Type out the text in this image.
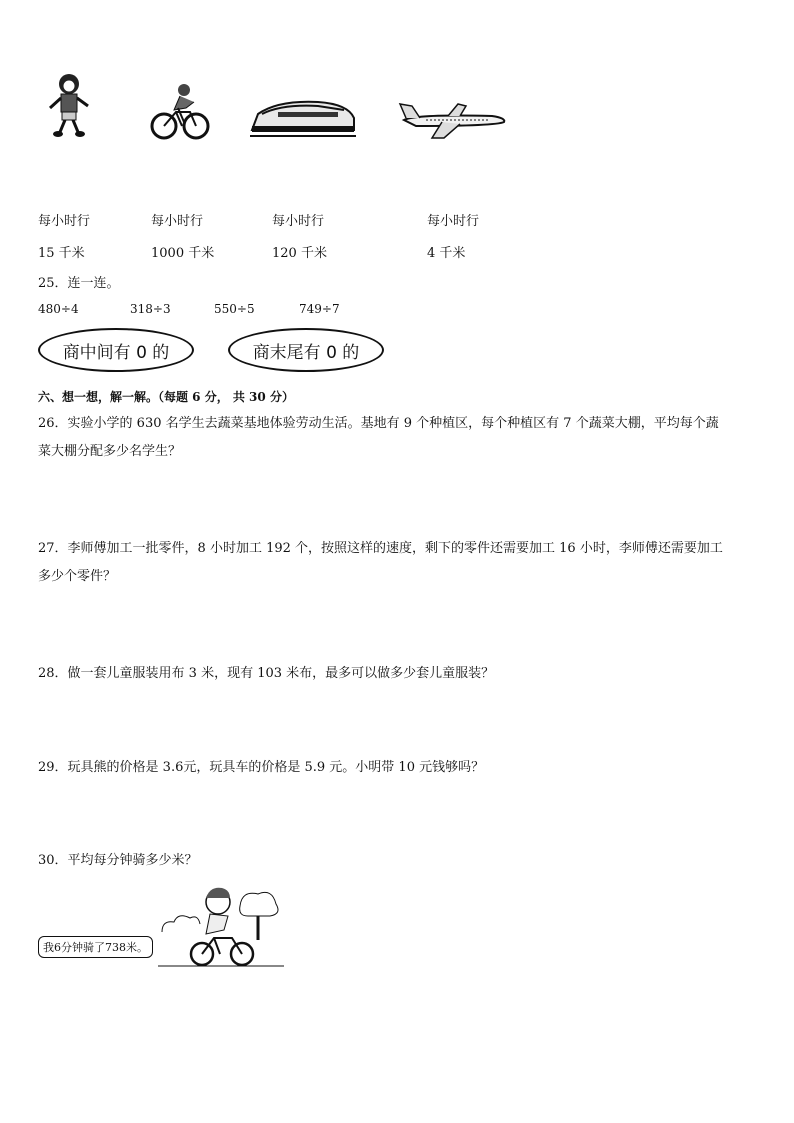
每小时行	每小时行	每小时行	每小时行
15 千米	1000 千米	120 千米	4 千米
25．连一连。
480÷4	318÷3	550÷5	749÷7
商中间有 0 的	商末尾有 0 的
六、想一想，解一解。（每题 6 分， 共 30 分）
26．实验小学的 630 名学生去蔬菜基地体验劳动生活。基地有 9 个种植区，每个种植区有 7 个蔬菜大棚，平均每个蔬
菜大棚分配多少名学生？
27．李师傅加工一批零件，8 小时加工 192 个，按照这样的速度，剩下的零件还需要加工 16 小时，李师傅还需要加工
多少个零件？
28．做一套儿童服装用布 3 米，现有 103 米布，最多可以做多少套儿童服装？
29．玩具熊的价格是 3.6元，玩具车的价格是 5.9 元。小明带 10 元钱够吗？
30．平均每分钟骑多少米？
我6分钟骑了738米。
